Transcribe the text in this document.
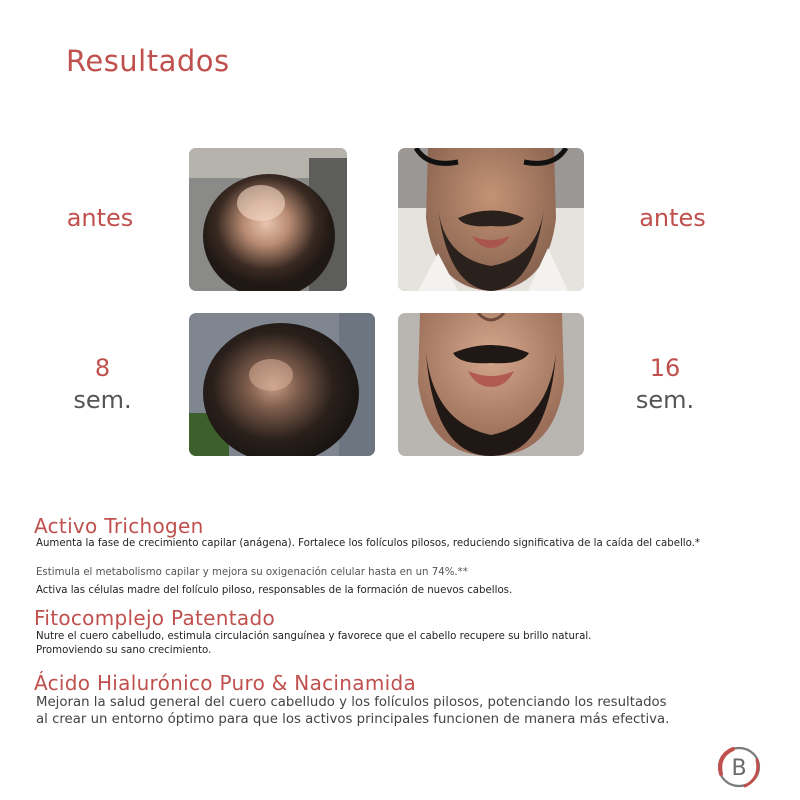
Resultados
antes	antes
8
sem.
16
sem.
Activo Trichogen
Aumenta la fase de crecimiento capilar (anágena). Fortalece los folículos pilosos, reduciendo significativa de la caída del cabello.*
Estimula el metabolismo capilar y mejora su oxigenación celular hasta en un 74%.**
Activa las células madre del folículo piloso, responsables de la formación de nuevos cabellos.
Fitocomplejo Patentado
Nutre el cuero cabelludo, estimula circulación sanguínea y favorece que el cabello recupere su brillo natural.
Promoviendo su sano crecimiento.
Ácido Hialurónico Puro & Nacinamida
Mejoran la salud general del cuero cabelludo y los folículos pilosos, potenciando los resultados
al crear un entorno óptimo para que los activos principales funcionen de manera más efectiva.
B
